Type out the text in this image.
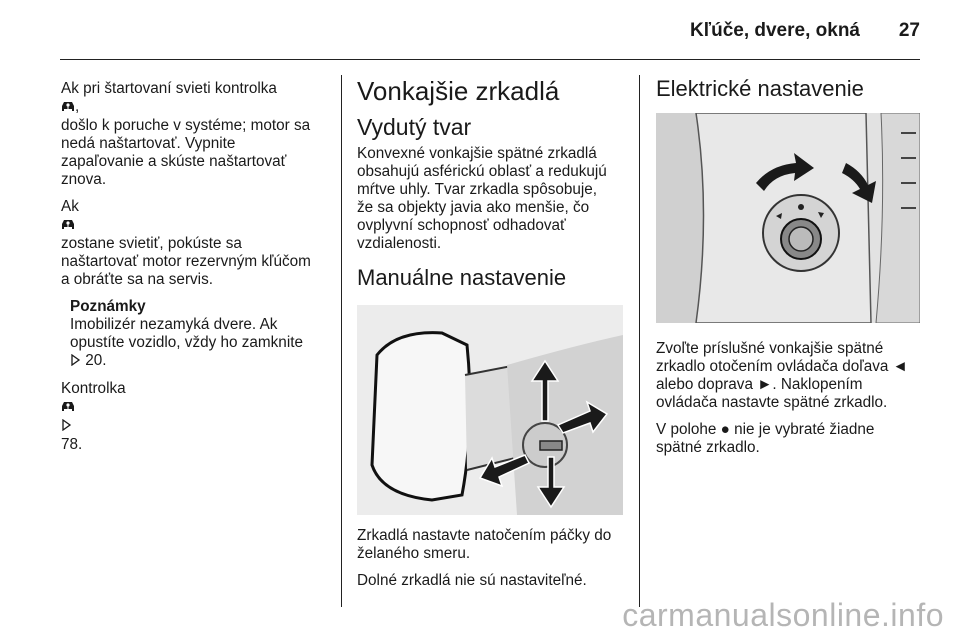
Kľúče, dvere, okná	27

Ak pri štartovaní svieti kontrolka
,
došlo k poruche v systéme; motor sa
nedá naštartovať. Vypnite
zapaľovanie a skúste naštartovať
znova.

Ak

zostane svietiť, pokúste sa
naštartovať motor rezervným kľúčom
a obráťte sa na servis.

Poznámky
Imobilizér nezamyká dvere. Ak
opustíte vozidlo, vždy ho zamknite
20.

Kontrolka

78.

Vonkajšie zrkadlá
Vydutý tvar

Konvexné vonkajšie spätné zrkadlá
obsahujú asférickú oblasť a redukujú
mŕtve uhly. Tvar zrkadla spôsobuje,
že sa objekty javia ako menšie, čo
ovplyvní schopnosť odhadovať
vzdialenosti.

Manuálne nastavenie

Zrkadlá nastavte natočením páčky do
želaného smeru.

Dolné zrkadlá nie sú nastaviteľné.

Elektrické nastavenie

Zvoľte príslušné vonkajšie spätné
zrkadlo otočením ovládača doľava ◄
alebo doprava ►. Naklopením
ovládača nastavte spätné zrkadlo.

V polohe ● nie je vybraté žiadne
spätné zrkadlo.

carmanualsonline.info
